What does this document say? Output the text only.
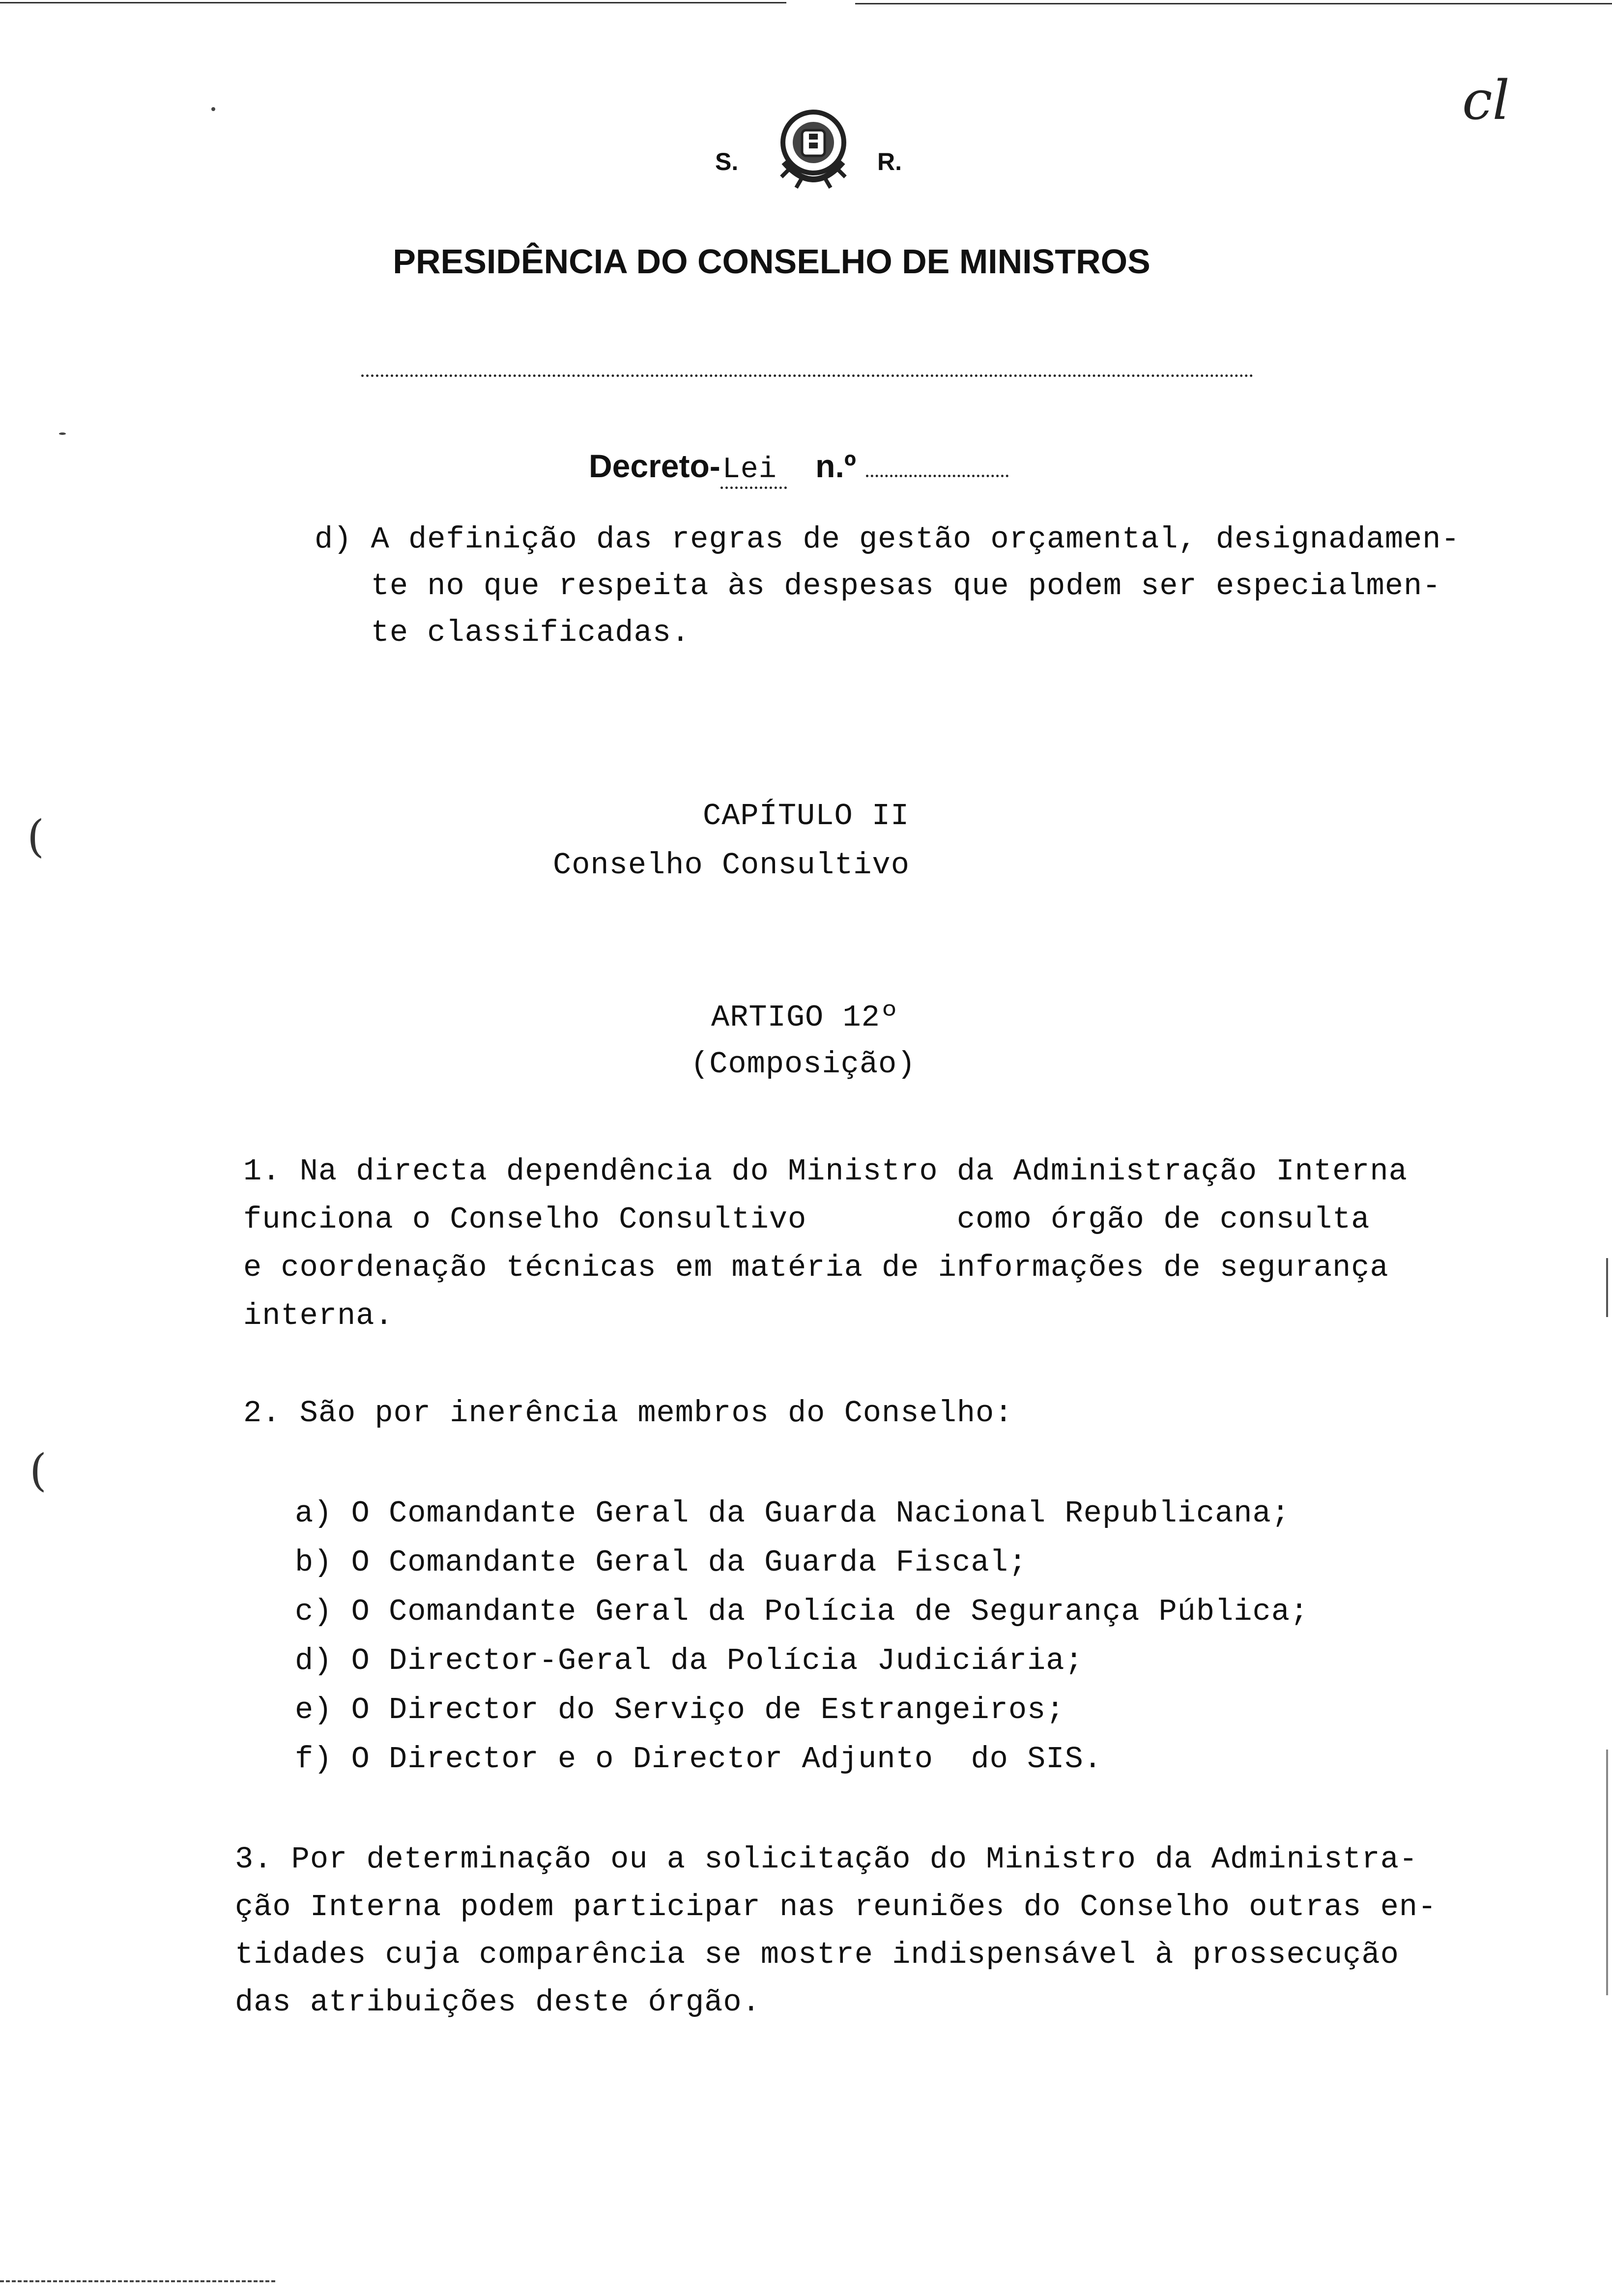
(
(
cl
S.	R.
PRESIDÊNCIA DO CONSELHO DE MINISTROS
Decreto-Lei n.º
d) A definição das regras de gestão orçamental, designadamen-
te no que respeita às despesas que podem ser especialmen-
te classificadas.
CAPÍTULO II
Conselho Consultivo
ARTIGO 12º
(Composição)
1. Na directa dependência do Ministro da Administração Interna
funciona o Conselho Consultivo        como órgão de consulta
e coordenação técnicas em matéria de informações de segurança
interna.
2. São por inerência membros do Conselho:
a) O Comandante Geral da Guarda Nacional Republicana;
b) O Comandante Geral da Guarda Fiscal;
c) O Comandante Geral da Polícia de Segurança Pública;
d) O Director-Geral da Polícia Judiciária;
e) O Director do Serviço de Estrangeiros;
f) O Director e o Director Adjunto  do SIS.
3. Por determinação ou a solicitação do Ministro da Administra-
ção Interna podem participar nas reuniões do Conselho outras en-
tidades cuja comparência se mostre indispensável à prossecução
das atribuições deste órgão.
